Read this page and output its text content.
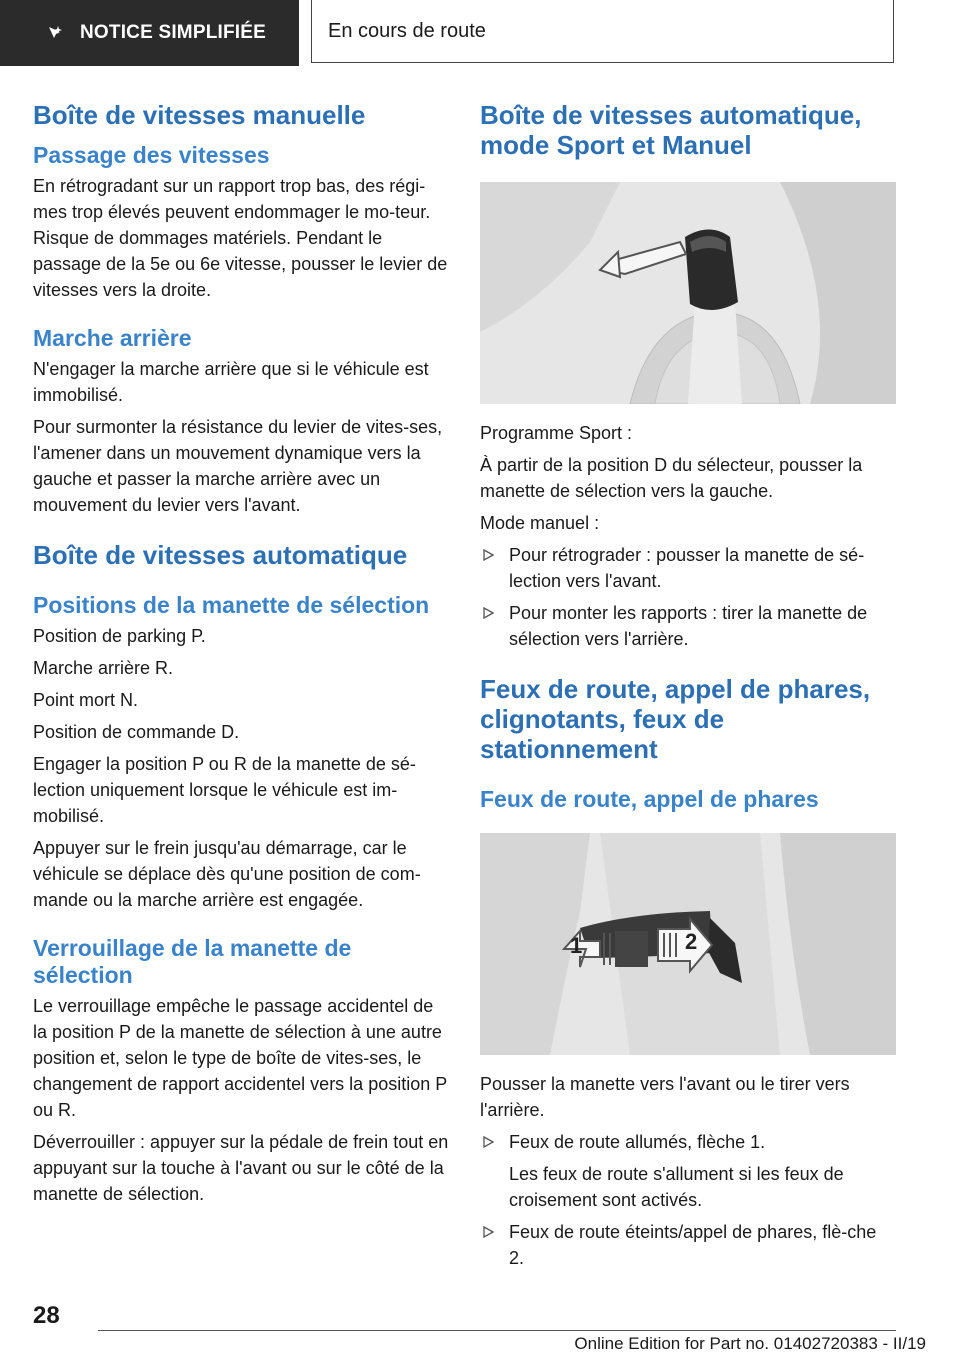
NOTICE SIMPLIFIÉE	En cours de route
Boîte de vitesses manuelle
Passage des vitesses

En rétrogradant sur un rapport trop bas, des régi-mes trop élevés peuvent endommager le mo-teur. Risque de dommages matériels. Pendant le passage de la 5e ou 6e vitesse, pousser le levier de vitesses vers la droite.

Marche arrière

N'engager la marche arrière que si le véhicule est immobilisé.

Pour surmonter la résistance du levier de vites-ses, l'amener dans un mouvement dynamique vers la gauche et passer la marche arrière avec un mouvement du levier vers l'avant.

Boîte de vitesses automatique
Positions de la manette de sélection

Position de parking P.

Marche arrière R.

Point mort N.

Position de commande D.

Engager la position P ou R de la manette de sé-lection uniquement lorsque le véhicule est im-mobilisé.

Appuyer sur le frein jusqu'au démarrage, car le véhicule se déplace dès qu'une position de com-mande ou la marche arrière est engagée.

Verrouillage de la manette de sélection

Le verrouillage empêche le passage accidentel de la position P de la manette de sélection à une autre position et, selon le type de boîte de vites-ses, le changement de rapport accidentel vers la position P ou R.

Déverrouiller : appuyer sur la pédale de frein tout en appuyant sur la touche à l'avant ou sur le côté de la manette de sélection.

Boîte de vitesses automatique, mode Sport et Manuel

Programme Sport :

À partir de la position D du sélecteur, pousser la manette de sélection vers la gauche.

Mode manuel :

Pour rétrograder : pousser la manette de sé-lection vers l'avant.
Pour monter les rapports : tirer la manette de sélection vers l'arrière.
Feux de route, appel de phares, clignotants, feux de stationnement
Feux de route, appel de phares
1	2

Pousser la manette vers l'avant ou le tirer vers l'arrière.

Feux de route allumés, flèche 1.
Les feux de route s'allument si les feux de croisement sont activés.
Feux de route éteints/appel de phares, flè-che 2.
28
Online Edition for Part no. 01402720383 - II/19
